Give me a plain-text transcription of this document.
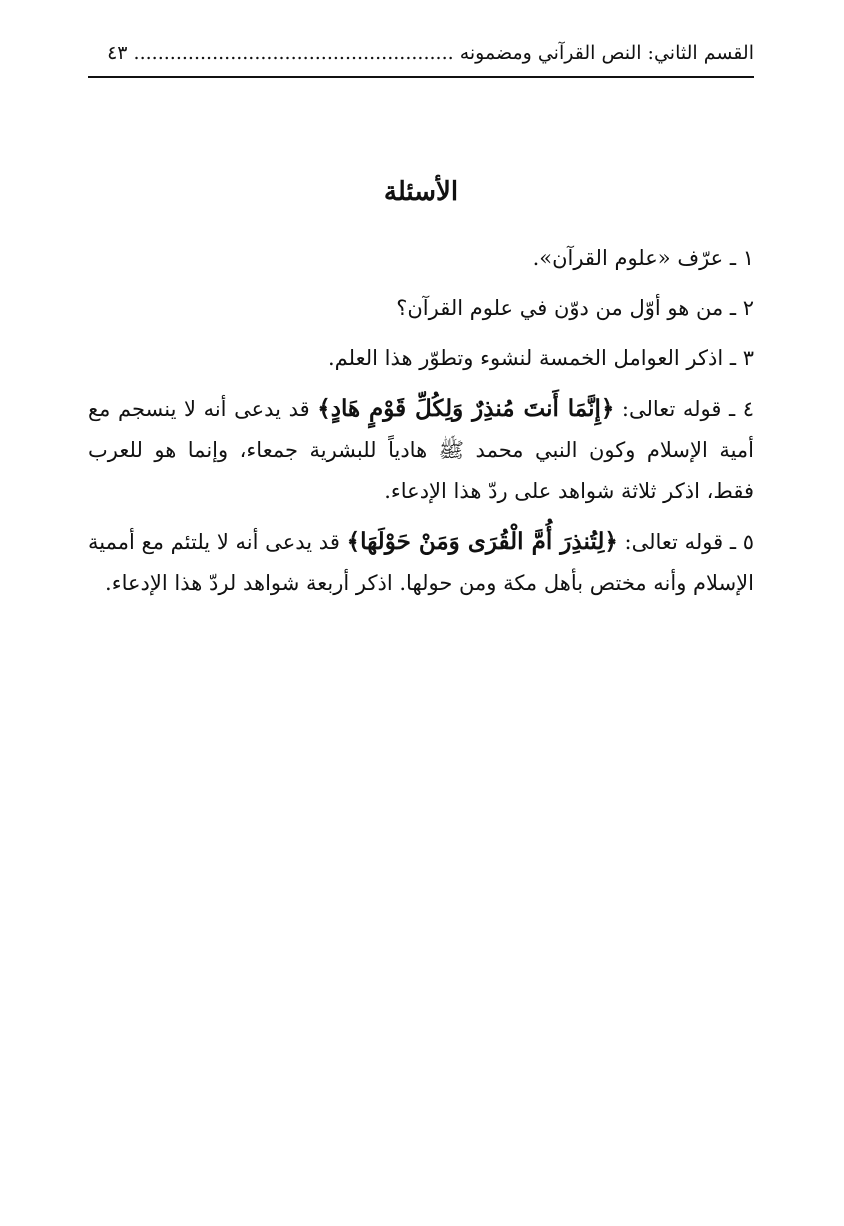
القسم الثاني: النص القرآني ومضمونه ..................................................... ٤٣
الأسئلة
١ ـ عرّف «علوم القرآن».
٢ ـ من هو أوّل من دوّن في علوم القرآن؟
٣ ـ اذكر العوامل الخمسة لنشوء وتطوّر هذا العلم.
٤ ـ قوله تعالى: ﴿إِنَّمَا أَنتَ مُنذِرٌ وَلِكُلِّ قَوْمٍ هَادٍ﴾ قد يدعى أنه لا ينسجم مع أمية الإسلام وكون النبي محمد ﷺ هادياً للبشرية جمعاء، وإنما هو للعرب فقط، اذكر ثلاثة شواهد على ردّ هذا الإدعاء.
٥ ـ قوله تعالى: ﴿لِتُنذِرَ أُمَّ الْقُرَى وَمَنْ حَوْلَهَا﴾ قد يدعى أنه لا يلتئم مع أممية الإسلام وأنه مختص بأهل مكة ومن حولها. اذكر أربعة شواهد لردّ هذا الإدعاء.
